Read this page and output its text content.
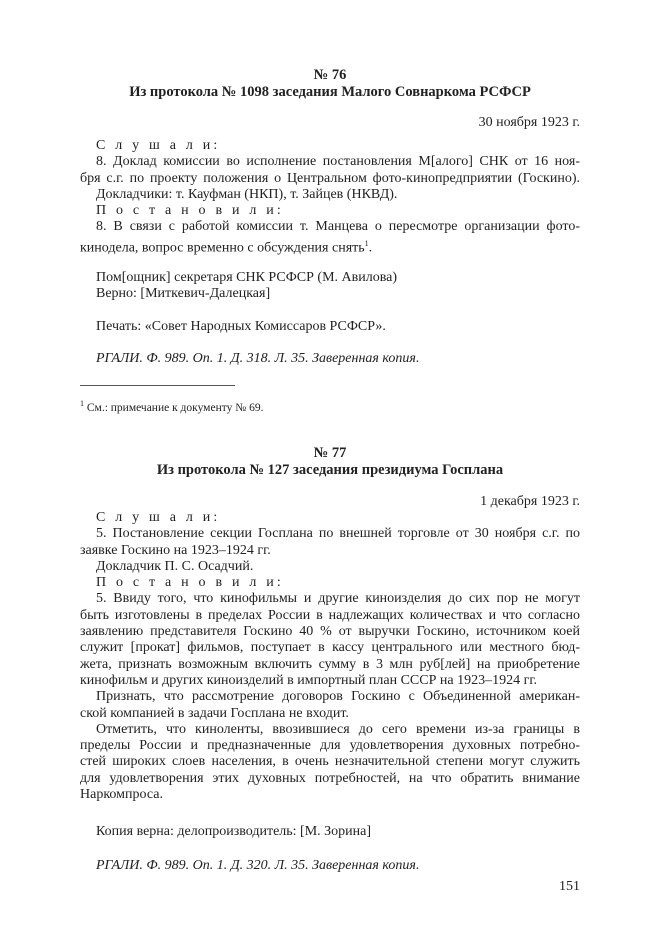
№ 76
Из протокола № 1098 заседания Малого Совнаркома РСФСР
30 ноября 1923 г.
С л у ш а л и:
8. Доклад комиссии во исполнение постановления М[алого] СНК от 16 ноя-
бря с.г. по проекту положения о Центральном фото-кинопредприятии (Госкино).
Докладчики: т. Кауфман (НКП), т. Зайцев (НКВД).
П о с т а н о в и л и:
8. В связи с работой комиссии т. Манцева о пересмотре организации фото-
кинодела, вопрос временно с обсуждения снять$^1$.
Пом[ощник] секретаря СНК РСФСР (М. Авилова)
Верно: [Миткевич-Далецкая]
Печать: «Совет Народных Комиссаров РСФСР».
РГАЛИ. Ф. 989. Оп. 1. Д. 318. Л. 35. Заверенная копия.
$^1$ См.: примечание к документу № 69.
№ 77
Из протокола № 127 заседания президиума Госплана
1 декабря 1923 г.
С л у ш а л и:
5. Постановление секции Госплана по внешней торговле от 30 ноября с.г. по
заявке Госкино на 1923–1924 гг.
Докладчик П. С. Осадчий.
П о с т а н о в и л и:
5. Ввиду того, что кинофильмы и другие киноизделия до сих пор не могут
быть изготовлены в пределах России в надлежащих количествах и что согласно
заявлению представителя Госкино 40 % от выручки Госкино, источником коей
служит [прокат] фильмов, поступает в кассу центрального или местного бюд-
жета, признать возможным включить сумму в 3 млн руб[лей] на приобретение
кинофильм и других киноизделий в импортный план СССР на 1923–1924 гг.
Признать, что рассмотрение договоров Госкино с Объединенной американ-
ской компанией в задачи Госплана не входит.
Отметить, что киноленты, ввозившиеся до сего времени из-за границы в
пределы России и предназначенные для удовлетворения духовных потребно-
стей широких слоев населения, в очень незначительной степени могут служить
для удовлетворения этих духовных потребностей, на что обратить внимание
Наркомпроса.
Копия верна: делопроизводитель: [М. Зорина]
РГАЛИ. Ф. 989. Оп. 1. Д. 320. Л. 35. Заверенная копия.
151
